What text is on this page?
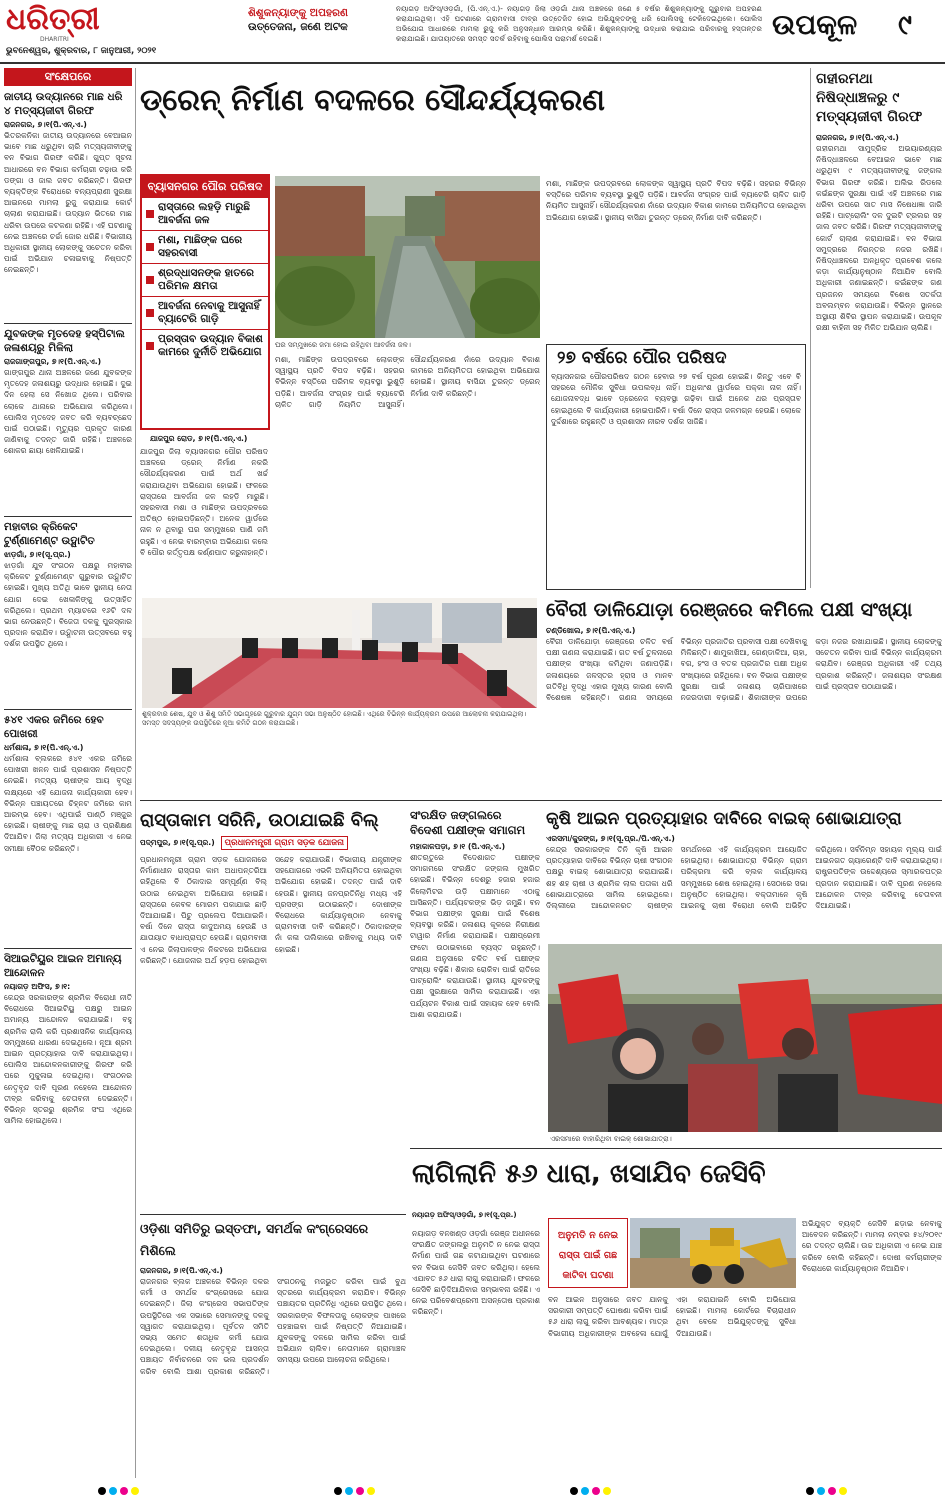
ଧରିତ୍ରୀ
DHARITRI
ଭୁବନେଶ୍ୱର, ଶୁକ୍ରବାର, ୮ ଜାନୁଆରୀ, ୨୦୨୧
ଶିଶୁକନ୍ୟାଙ୍କୁ ଅପହରଣ
ଉତ୍ତେଜନା, ଜଣେ ଅଟକ
ନୟାଗଡ଼ ଅଫିସ୍/ଓଡ଼ଗାଁ, (ପି.ଏନ୍.ଏ.)- ନୟାଗଡ଼ ଜିଲା ଓଡ଼ଗାଁ ଥାନା ଅଞ୍ଚଳରେ ଜଣେ ୫ ବର୍ଷର ଶିଶୁକନ୍ୟାଙ୍କୁ ଗୁରୁବାର ଅପହରଣ କରାଯାଇଥିଲା। ଏହି ଘଟଣାରେ ଗ୍ରାମବାସୀ ତୀବ୍ର ଉତ୍ତେଜିତ ହୋଇ ଅଭିଯୁକ୍ତଙ୍କୁ ଧରି ପୋଲିସକୁ ଟେକିଦେଇଥିଲେ। ପୋଲିସ ଅଭିଯୋଗ ଆଧାରରେ ମାମଲା ରୁଜୁ କରି ଅନୁସନ୍ଧାନ ଆରମ୍ଭ କରିଛି। ଶିଶୁକନ୍ୟାଙ୍କୁ ଉଦ୍ଧାର କରାଯାଇ ପରିବାରକୁ ହସ୍ତାନ୍ତର କରାଯାଇଛି। ଯାତାୟାତରେ ସମସ୍ତ ସତର୍କ ରହିବାକୁ ପୋଲିସ ପରାମର୍ଶ ଦେଇଛି।	ଉପକୂଳ	୯
ସଂକ୍ଷେପରେ
ଜାତୀୟ ଉଦ୍ୟାନରେ ମାଛ ଧରି ୪ ମତ୍ସ୍ୟଜୀବୀ ଗିରଫ
ରାଜନଗର, ୭।୧(ପି.ଏନ୍.ଏ.)
ଭିତରକନିକା ଜାତୀୟ ଉଦ୍ୟାନରେ ବେଆଇନ ଭାବେ ମାଛ ଧରୁଥିବା ଚାରି ମତ୍ସ୍ୟଜୀବୀଙ୍କୁ ବନ ବିଭାଗ ଗିରଫ କରିଛି। ଗୁପ୍ତ ସୂଚନା ଆଧାରରେ ବନ ବିଭାଗ କର୍ମଚାରୀ ଚଢ଼ାଉ କରି ଡଙ୍ଗା ଓ ଜାଲ ଜବତ କରିଛନ୍ତି। ଗିରଫ ବ୍ୟକ୍ତିଙ୍କ ବିରୋଧରେ ବନ୍ୟପ୍ରାଣୀ ସୁରକ୍ଷା ଆଇନରେ ମାମଲା ରୁଜୁ କରାଯାଇ କୋର୍ଟ ଚାଲାଣ କରାଯାଇଛି। ଉଦ୍ୟାନ ଭିତରେ ମାଛ ଧରିବା ଉପରେ କଟକଣା ରହିଛି। ଏହି ଘଟଣାକୁ ନେଇ ଅଞ୍ଚଳରେ ଚର୍ଚ୍ଚା ଜୋର ଧରିଛି। ବିଭାଗୀୟ ଅଧିକାରୀ ସ୍ଥାନୀୟ ଲୋକଙ୍କୁ ସଚେତନ କରିବା ପାଇଁ ଅଭିଯାନ ଚଳାଇବାକୁ ନିଷ୍ପତ୍ତି ନେଇଛନ୍ତି।
ଯୁବକଙ୍କ ମୃତଦେହ ହସ୍ପିଟାଲ ଜଳାଶୟରୁ ମିଳିଲା
ରାଜଗାଙ୍ଗପୁର, ୭।୧(ପି.ଏନ୍.ଏ.)
ଗାଙ୍ଗପୁର ଥାନା ଅଞ୍ଚଳରେ ଜଣେ ଯୁବକଙ୍କ ମୃତଦେହ ଜଳାଶୟରୁ ଉଦ୍ଧାର ହୋଇଛି। ଦୁଇ ଦିନ ହେଲା ସେ ନିଖୋଜ ଥିଲେ। ପରିବାର ଲୋକେ ଥାନାରେ ଅଭିଯୋଗ କରିଥିଲେ। ପୋଲିସ ମୃତଦେହ ଜବତ କରି ବ୍ୟବଚ୍ଛେଦ ପାଇଁ ପଠାଇଛି। ମୃତ୍ୟୁର ପ୍ରକୃତ କାରଣ ଜାଣିବାକୁ ତଦନ୍ତ ଜାରି ରହିଛି। ଅଞ୍ଚଳରେ ଶୋକର ଛାୟା ଖେଳିଯାଇଛି।
ମହାବୀର କ୍ରିକେଟ ଟୁର୍ଣ୍ଣାମେଣ୍ଟ ଉଦ୍ଘାଟିତ
ଝାଡ଼ଗାଁ, ୭।୧(ସୂ.ପ୍ର.)
ଝାଡ଼ଗାଁ ଯୁବ ସଂଗଠନ ପକ୍ଷରୁ ମହାବୀର କ୍ରିକେଟ ଟୁର୍ଣ୍ଣାମେଣ୍ଟ ଗୁରୁବାର ଉଦ୍ଘାଟିତ ହୋଇଛି। ମୁଖ୍ୟ ଅତିଥି ଭାବେ ସ୍ଥାନୀୟ ନେତା ଯୋଗ ଦେଇ ଖେଳାଳିଙ୍କୁ ଉତ୍ସାହିତ କରିଥିଲେ। ପ୍ରଥମ ମ୍ୟାଚରେ ୧୬ଟି ଦଳ ଭାଗ ନେଉଛନ୍ତି। ବିଜେତା ଦଳକୁ ପୁରସ୍କାର ପ୍ରଦାନ କରାଯିବ। ଉଦ୍ଘାଟନୀ ଉତ୍ସବରେ ବହୁ ଦର୍ଶକ ଉପସ୍ଥିତ ଥିଲେ।
୫୪୧ ଏକର ଜମିରେ ହେବ ପୋଖରୀ
ଧର୍ମଶାଳା, ୭।୧(ପି.ଏନ୍.ଏ.)
ଧର୍ମଶାଳା ବ୍ଲକରେ ୫୪୧ ଏକର ଜମିରେ ପୋଖରୀ ଖନନ ପାଇଁ ପ୍ରଶାସନ ନିଷ୍ପତ୍ତି ନେଇଛି। ମତ୍ସ୍ୟ ଚାଷୀଙ୍କ ଆୟ ବୃଦ୍ଧି ଲକ୍ଷ୍ୟରେ ଏହି ଯୋଜନା କାର୍ଯ୍ୟକାରୀ ହେବ। ବିଭିନ୍ନ ପଞ୍ଚାୟତରେ ଚିହ୍ନଟ ଜମିରେ କାମ ଆରମ୍ଭ ହେବ। ଏଥିପାଇଁ ପାଣ୍ଠି ମଞ୍ଜୁର ହୋଇଛି। ଚାଷୀଙ୍କୁ ମାଛ ଚାରା ଓ ପ୍ରଶିକ୍ଷଣ ଦିଆଯିବ। ଜିଲା ମତ୍ସ୍ୟ ଅଧିକାରୀ ଏ ନେଇ ସମୀକ୍ଷା ବୈଠକ କରିଛନ୍ତି।
ସିଆଇଟିୟୁର ଆଇନ ଅମାନ୍ୟ ଆନ୍ଦୋଳନ
ନୟାଗଡ଼ ଅଫିସ, ୭।୧:
କେନ୍ଦ୍ର ସରକାରଙ୍କ ଶ୍ରମିକ ବିରୋଧୀ ନୀତି ବିରୋଧରେ ସିଆଇଟିୟୁ ପକ୍ଷରୁ ଆଇନ ଅମାନ୍ୟ ଆନ୍ଦୋଳନ କରାଯାଇଛି। ବହୁ ଶ୍ରମିକ ରାଲି କରି ପ୍ରଶାସନିକ କାର୍ଯ୍ୟାଳୟ ସମ୍ମୁଖରେ ଧାରଣା ଦେଇଥିଲେ। ନୂଆ ଶ୍ରମ ଆଇନ ପ୍ରତ୍ୟାହାର ଦାବି କରାଯାଇଥିଲା। ପୋଲିସ ଆନ୍ଦୋଳନକାରୀଙ୍କୁ ଗିରଫ କରି ପରେ ମୁକୁଳାଇ ଦେଇଥିଲା। ସଂଗଠନର ନେତୃବୃନ୍ଦ ଦାବି ପୂରଣ ନହେଲେ ଆନ୍ଦୋଳନ ତୀବ୍ର କରିବାକୁ ଚେତାବନୀ ଦେଇଛନ୍ତି। ବିଭିନ୍ନ ସ୍ତରରୁ ଶ୍ରମିକ ସଂଘ ଏଥିରେ ସାମିଲ ହୋଇଥିଲେ।
ଡ୍ରେନ୍ ନିର୍ମାଣ ବଦଳରେ ସୌନ୍ଦର୍ଯ୍ୟକରଣ
ବ୍ୟାସନଗର ପୌର ପରିଷଦ
ରାସ୍ତାରେ ଲହଡ଼ି ମାରୁଛି ଆବର୍ଜନା ଜଳ
ମଶା, ମାଛିଙ୍କ ଘରେ ସହରବାସୀ
ଶ୍ରଦ୍ଧାସନଙ୍କ ହାତରେ ପରିମଳ କ୍ଷମତା
ଆବର୍ଜନା ନେବାକୁ ଆସୁନାହିଁ ବ୍ୟାଟେରି ଗାଡ଼ି
ପ୍ରସ୍ତାବ ଉଦ୍ୟାନ ବିକାଶ କାମରେ ଦୁର୍ନୀତି ଅଭିଯୋଗ
ଯାଜପୁର ରୋଡ, ୭।୧(ପି.ଏନ୍.ଏ.)
ଘର ସମ୍ମୁଖରେ ଜମା ହୋଇ ରହିଥିବା ଆବର୍ଜନା ଜଳ।
ଯାଜପୁର ଜିଲା ବ୍ୟାସନଗର ପୌର ପରିଷଦ ଅଞ୍ଚଳରେ ଡ୍ରେନ୍ ନିର୍ମାଣ ନକରି ସୌନ୍ଦର୍ଯ୍ୟକରଣ ପାଇଁ ଅର୍ଥ ଖର୍ଚ୍ଚ କରାଯାଉଥିବା ଅଭିଯୋଗ ହୋଇଛି। ଫଳରେ ରାସ୍ତାରେ ଆବର୍ଜନା ଜଳ ଲହଡ଼ି ମାରୁଛି। ସହରବାସୀ ମଶା ଓ ମାଛିଙ୍କ ଉପଦ୍ରବରେ ଅତିଷ୍ଠ ହୋଇପଡ଼ିଛନ୍ତି। ଅନେକ ୱାର୍ଡରେ ନାଳ ନ ଥିବାରୁ ଘର ସମ୍ମୁଖରେ ପାଣି ଜମି ରହୁଛି। ଏ ନେଇ ବାରମ୍ବାର ଅଭିଯୋଗ କଲେ ବି ପୌର କର୍ତ୍ତୃପକ୍ଷ କର୍ଣ୍ଣପାତ କରୁନାହାନ୍ତି।
ମଶା, ମାଛିଙ୍କ ଉପଦ୍ରବରେ ଲୋକଙ୍କ ସ୍ୱାସ୍ଥ୍ୟ ପ୍ରତି ବିପଦ ବଢ଼ିଛି। ସହରର ବିଭିନ୍ନ ବସ୍ତିରେ ପରିମଳ ବ୍ୟବସ୍ଥା ଭୁଶୁଡ଼ି ପଡ଼ିଛି। ଆବର୍ଜନା ସଂଗ୍ରହ ପାଇଁ ବ୍ୟାଟେରି ଚାଳିତ ଗାଡ଼ି ନିୟମିତ ଆସୁନାହିଁ। ସୌନ୍ଦର୍ଯ୍ୟକରଣ ନାଁରେ ଉଦ୍ୟାନ ବିକାଶ କାମରେ ଅନିୟମିତତା ହୋଇଥିବା ଅଭିଯୋଗ ହୋଇଛି। ସ୍ଥାନୀୟ ବାସିନ୍ଦା ତୁରନ୍ତ ଡ୍ରେନ୍ ନିର୍ମାଣ ଦାବି କରିଛନ୍ତି।
୨୭ ବର୍ଷରେ ପୌର ପରିଷଦ
ବ୍ୟାସନଗର ପୌରପରିଷଦ ଗଠନ ହେବାର ୨୭ ବର୍ଷ ପୂରଣ ହୋଇଛି। କିନ୍ତୁ ଏବେ ବି ସହରରେ ମୌଳିକ ସୁବିଧା ଉପଲବ୍ଧ ନାହିଁ। ଅଧିକାଂଶ ୱାର୍ଡରେ ପକ୍କା ନାଳ ନାହିଁ। ଯୋଜନାବଦ୍ଧ ଭାବେ ଡ୍ରେନେଜ ବ୍ୟବସ୍ଥା ଗଢ଼ିବା ପାଇଁ ଅନେକ ଥର ପ୍ରସ୍ତାବ ହୋଇଥିଲେ ବି କାର୍ଯ୍ୟକାରୀ ହୋଇପାରିନି। ବର୍ଷା ଦିନେ ରାସ୍ତା ଜଳମଗ୍ନ ହେଉଛି। ଲୋକେ ଦୁର୍ଦ୍ଦଶାରେ ରହୁଛନ୍ତି ଓ ପ୍ରଶାସନ ନୀରବ ଦର୍ଶକ ସାଜିଛି।
ମଶା, ମାଛିଙ୍କ ଉପଦ୍ରବରେ ଲୋକଙ୍କ ସ୍ୱାସ୍ଥ୍ୟ ପ୍ରତି ବିପଦ ବଢ଼ିଛି। ସହରର ବିଭିନ୍ନ ବସ୍ତିରେ ପରିମଳ ବ୍ୟବସ୍ଥା ଭୁଶୁଡ଼ି ପଡ଼ିଛି। ଆବର୍ଜନା ସଂଗ୍ରହ ପାଇଁ ବ୍ୟାଟେରି ଚାଳିତ ଗାଡ଼ି ନିୟମିତ ଆସୁନାହିଁ। ସୌନ୍ଦର୍ଯ୍ୟକରଣ ନାଁରେ ଉଦ୍ୟାନ ବିକାଶ କାମରେ ଅନିୟମିତତା ହୋଇଥିବା ଅଭିଯୋଗ ହୋଇଛି। ସ୍ଥାନୀୟ ବାସିନ୍ଦା ତୁରନ୍ତ ଡ୍ରେନ୍ ନିର୍ମାଣ ଦାବି କରିଛନ୍ତି।
ଗହୀରମଥା ନିଷିଦ୍ଧାଞ୍ଚଳରୁ ୯ ମତ୍ସ୍ୟଜୀବୀ ଗିରଫ
ରାଜନଗର, ୭।୧(ପି.ଏନ୍.ଏ.)
ଗହୀରମଥା ସାମୁଦ୍ରିକ ଅଭୟାରଣ୍ୟର ନିଷିଦ୍ଧାଞ୍ଚଳରେ ବେଆଇନ ଭାବେ ମାଛ ଧରୁଥିବା ୯ ମତ୍ସ୍ୟଜୀବୀଙ୍କୁ ଜଙ୍ଗଲ ବିଭାଗ ଗିରଫ କରିଛି। ଅଲିଭ ରିଡଲେ କଇଁଛଙ୍କ ସୁରକ୍ଷା ପାଇଁ ଏହି ଅଞ୍ଚଳରେ ମାଛ ଧରିବା ଉପରେ ସାତ ମାସ ନିଷେଧାଜ୍ଞା ଜାରି ରହିଛି। ପାଟ୍ରୋଲିଂ ଦଳ ଦୁଇଟି ଟ୍ରଲର ସହ ଜାଲ ଜବତ କରିଛି। ଗିରଫ ମତ୍ସ୍ୟଜୀବୀଙ୍କୁ କୋର୍ଟ ଚାଲାଣ କରାଯାଇଛି। ବନ ବିଭାଗ ସମୁଦ୍ରରେ ନିରନ୍ତର ନଜର ରଖିଛି। ନିଷିଦ୍ଧାଞ୍ଚଳରେ ଅନଧିକୃତ ପ୍ରବେଶ କଲେ କଡ଼ା କାର୍ଯ୍ୟାନୁଷ୍ଠାନ ନିଆଯିବ ବୋଲି ଅଧିକାରୀ ଜଣାଇଛନ୍ତି। କଇଁଛଙ୍କ ଗଣ ପ୍ରଜନନ ସମୟରେ ବିଶେଷ ସତର୍କତା ଅବଲମ୍ବନ କରାଯାଉଛି। ବିଭିନ୍ନ ସ୍ଥାନରେ ଅସ୍ଥାୟୀ ଶିବିର ସ୍ଥାପନ କରାଯାଇଛି। ଉପକୂଳ ରକ୍ଷୀ ବାହିନୀ ସହ ମିଳିତ ଅଭିଯାନ ଚାଲିଛି।
ଶୁକ୍ରବାର ଶେଷ, ଯୁବ ଓ ଶିଶୁ ସମିତି ସଭାଗୃହରେ ଗୁରୁବାର ଯୁଗ୍ମ ସଭା ଅନୁଷ୍ଠିତ ହୋଇଛି। ଏଥିରେ ବିଭିନ୍ନ କାର୍ଯ୍ୟକ୍ରମ ଉପରେ ଆଲୋଚନା କରାଯାଇଥିଲା। ସମସ୍ତ ସଦସ୍ୟଙ୍କ ଉପସ୍ଥିତିରେ ନୂଆ କମିଟି ଗଠନ କରାଯାଇଛି।
ବୈରୀ ଡାଳିଯୋଡ଼ା ରେଞ୍ଜରେ କମିଲେ ପକ୍ଷୀ ସଂଖ୍ୟା
ଚଣ୍ଡିଖୋଲ, ୭।୧(ପି.ଏନ୍.ଏ.)
ବୈରୀ ଡାଳିଯୋଡ଼ା ରେଞ୍ଜରେ ଚଳିତ ବର୍ଷ ପକ୍ଷୀ ଗଣନା କରାଯାଇଛି। ଗତ ବର୍ଷ ତୁଳନାରେ ପକ୍ଷୀଙ୍କ ସଂଖ୍ୟା କମିଥିବା ଜଣାପଡ଼ିଛି। ଜଳାଶୟରେ ଜଳସ୍ତର ହ୍ରାସ ଓ ମାନବ ଗତିବିଧି ବୃଦ୍ଧି ଏହାର ମୁଖ୍ୟ କାରଣ ବୋଲି ବିଶେଷଜ୍ଞ କହିଛନ୍ତି। ଗଣନା ସମୟରେ ବିଭିନ୍ନ ପ୍ରଜାତିର ପ୍ରବାସୀ ପକ୍ଷୀ ଦେଖିବାକୁ ମିଳିଛନ୍ତି। ଶାମୁକାଖିଆ, ଗେଣ୍ଡାଳିଆ, ଚାହା, ବଗ, ହଂସ ଓ ବତକ ପ୍ରଜାତିର ପକ୍ଷୀ ଅଧିକ ସଂଖ୍ୟାରେ ରହିଥିଲେ। ବନ ବିଭାଗ ପକ୍ଷୀଙ୍କ ସୁରକ୍ଷା ପାଇଁ ଜଳାଶୟ ଚାରିପାଖରେ ନଜରଦାରୀ ବଢ଼ାଇଛି। ଶିକାରୀଙ୍କ ଉପରେ କଡ଼ା ନଜର ରଖାଯାଇଛି। ସ୍ଥାନୀୟ ଲୋକଙ୍କୁ ସଚେତନ କରିବା ପାଇଁ ବିଭିନ୍ନ କାର୍ଯ୍ୟକ୍ରମ କରାଯିବ। ରେଞ୍ଜର ଅଧିକାରୀ ଏହି ତଥ୍ୟ ପ୍ରକାଶ କରିଛନ୍ତି। ଜଳାଶୟର ସଂରକ୍ଷଣ ପାଇଁ ପ୍ରସ୍ତାବ ପଠାଯାଇଛି।
ରାସ୍ତାକାମ ସରିନି, ଉଠାଯାଇଛି ବିଲ୍
ପଦ୍ମପୁର, ୭।୧(ସୂ.ପ୍ର.)	ପ୍ରଧାନମନ୍ତ୍ରୀ ଗ୍ରାମ ସଡ଼କ ଯୋଜନା
ପ୍ରଧାନମନ୍ତ୍ରୀ ଗ୍ରାମ ସଡ଼କ ଯୋଜନାରେ ନିର୍ମାଣାଧୀନ ରାସ୍ତାର କାମ ଅଧାପନ୍ତରିଆ ରହିଥିଲେ ବି ଠିକାଦାର ସମ୍ପୂର୍ଣ୍ଣ ବିଲ୍ ଉଠାଇ ନେଇଥିବା ଅଭିଯୋଗ ହୋଇଛି। ରାସ୍ତାରେ କେବଳ ମୋରମ ପକାଯାଇ ଛାଡ଼ି ଦିଆଯାଇଛି। ପିଚୁ ପ୍ରଲେପ ଦିଆଯାଇନି। ବର୍ଷା ଦିନେ ରାସ୍ତା କାଦୁଅମୟ ହେଉଛି ଓ ଯାତାୟାତ ବାଧାପ୍ରାପ୍ତ ହେଉଛି। ଗ୍ରାମବାସୀ ଏ ନେଇ ଜିଲାପାଳଙ୍କ ନିକଟରେ ଅଭିଯୋଗ କରିଛନ୍ତି। ଯୋଜନାର ଅର୍ଥ ହଡ଼ପ ହୋଇଥିବା ସନ୍ଦେହ କରାଯାଉଛି। ବିଭାଗୀୟ ଯନ୍ତ୍ରୀଙ୍କ ସହଯୋଗରେ ଏଭଳି ଅନିୟମିତତା ହୋଇଥିବା ଅଭିଯୋଗ ହୋଇଛି। ତଦନ୍ତ ପାଇଁ ଦାବି ହେଉଛି। ସ୍ଥାନୀୟ ଜନପ୍ରତିନିଧି ମଧ୍ୟ ଏହି ପ୍ରସଙ୍ଗ ଉଠାଇଛନ୍ତି। ଦୋଷୀଙ୍କ ବିରୋଧରେ କାର୍ଯ୍ୟାନୁଷ୍ଠାନ ନେବାକୁ ଗ୍ରାମବାସୀ ଦାବି କରିଛନ୍ତି। ଠିକାଦାରଙ୍କ ନାଁ କଳା ତାଲିକାରେ ରଖିବାକୁ ମଧ୍ୟ ଦାବି ହୋଇଛି।
ସଂରକ୍ଷିତ ଜଙ୍ଗଲରେ
ବିଦେଶୀ ପକ୍ଷୀଙ୍କ ସମାଗମ
ମହାକାଳପଡ଼ା, ୭।୧ (ପି.ଏନ୍.ଏ.)
ଶୀତଋତୁରେ ବିଦେଶାଗତ ପକ୍ଷୀଙ୍କ ସମାଗମରେ ସଂରକ୍ଷିତ ଜଙ୍ଗଲ ମୁଖରିତ ହୋଇଛି। ବିଭିନ୍ନ ଦେଶରୁ ହଜାର ହଜାର କିଲୋମିଟର ଉଡ଼ି ପକ୍ଷୀମାନେ ଏଠାକୁ ଆସିଛନ୍ତି। ପର୍ଯ୍ୟଟକଙ୍କ ଭିଡ଼ ଜମୁଛି। ବନ ବିଭାଗ ପକ୍ଷୀଙ୍କ ସୁରକ୍ଷା ପାଇଁ ବିଶେଷ ବ୍ୟବସ୍ଥା କରିଛି। ଜଳାଶୟ କୂଳରେ ନିରୀକ୍ଷଣ ଟାୱାର ନିର୍ମାଣ କରାଯାଇଛି। ପକ୍ଷୀପ୍ରେମୀ ଫଟୋ ଉଠାଇବାରେ ବ୍ୟସ୍ତ ରହୁଛନ୍ତି। ଗଣନା ଅନୁସାରେ ଚଳିତ ବର୍ଷ ପକ୍ଷୀଙ୍କ ସଂଖ୍ୟା ବଢ଼ିଛି। ଶିକାର ରୋକିବା ପାଇଁ ରାତିରେ ପାଟ୍ରୋଲିଂ କରାଯାଉଛି। ସ୍ଥାନୀୟ ଯୁବକଙ୍କୁ ପକ୍ଷୀ ସୁରକ୍ଷାରେ ସାମିଲ କରାଯାଇଛି। ଏହା ପର୍ଯ୍ୟଟନ ବିକାଶ ପାଇଁ ସହାୟକ ହେବ ବୋଲି ଆଶା କରାଯାଉଛି।
କୃଷି ଆଇନ ପ୍ରତ୍ୟାହାର ଦାବିରେ ବାଇକ୍ ଶୋଭାଯାତ୍ରା
ଏରସମା/କୁଜଙ୍ଗ, ୭।୧(ସୂ.ପ୍ର./ପି.ଏନ୍.ଏ.)
କେନ୍ଦ୍ର ସରକାରଙ୍କ ତିନି କୃଷି ଆଇନ ପ୍ରତ୍ୟାହାର ଦାବିରେ ବିଭିନ୍ନ ଚାଷୀ ସଂଗଠନ ପକ୍ଷରୁ ବାଇକ୍ ଶୋଭାଯାତ୍ରା କରାଯାଇଛି। ଶହ ଶହ ଚାଷୀ ଓ ଶ୍ରମିକ ଲାଲ ପତାକା ଧରି ଶୋଭାଯାତ୍ରାରେ ସାମିଲ ହୋଇଥିଲେ। ଦିଲ୍ଲୀରେ ଆନ୍ଦୋଳନରତ ଚାଷୀଙ୍କ ସମର୍ଥନରେ ଏହି କାର୍ଯ୍ୟକ୍ରମ ଆୟୋଜିତ ହୋଇଥିଲା। ଶୋଭାଯାତ୍ରା ବିଭିନ୍ନ ଗ୍ରାମ ପରିକ୍ରମା କରି ବ୍ଲକ କାର୍ଯ୍ୟାଳୟ ସମ୍ମୁଖରେ ଶେଷ ହୋଇଥିଲା। ସେଠାରେ ସଭା ଅନୁଷ୍ଠିତ ହୋଇଥିଲା। ବକ୍ତାମାନେ କୃଷି ଆଇନକୁ ଚାଷୀ ବିରୋଧୀ ବୋଲି ଅଭିହିତ କରିଥିଲେ। ସର୍ବନିମ୍ନ ସହାୟକ ମୂଲ୍ୟ ପାଇଁ ଆଇନଗତ ଗ୍ୟାରେଣ୍ଟି ଦାବି କରାଯାଇଥିଲା। ରାଷ୍ଟ୍ରପତିଙ୍କ ଉଦ୍ଦେଶ୍ୟରେ ସ୍ମାରକପତ୍ର ପ୍ରଦାନ କରାଯାଇଛି। ଦାବି ପୂରଣ ନହେଲେ ଆନ୍ଦୋଳନ ତୀବ୍ର କରିବାକୁ ଚେତାବନୀ ଦିଆଯାଇଛି।
ଏରସମାରେ ବାହାରିଥିବା ବାଇକ୍ ଶୋଭାଯାତ୍ରା।
ଲାଗିଲାନି ୫୬ ଧାରା, ଖସାଯିବ ଜେସିବି
ନୟାଗଡ଼ ଅଫିସ୍/ଓଡ଼ଗାଁ, ୭।୧(ସୂ.ପ୍ର.)
ନୟାଗଡ଼ ବନଖଣ୍ଡ ଓଡ଼ଗାଁ ରେଞ୍ଜ ଅଧୀନରେ ସଂରକ୍ଷିତ ଜଙ୍ଗଲରୁ ଅନୁମତି ନ ନେଇ ରାସ୍ତା ନିର୍ମାଣ ପାଇଁ ଗଛ କଟାଯାଇଥିବା ଘଟଣାରେ ବନ ବିଭାଗ ଜେସିବି ଜବତ କରିଥିଲା। ହେଲେ ଏଯାବତ ୫୬ ଧାରା ଲାଗୁ କରାଯାଇନି। ଫଳରେ ଜେସିବି ଛାଡ଼ିଦିଆଯିବାର ସମ୍ଭାବନା ରହିଛି। ଏ ନେଇ ପରିବେଶପ୍ରେମୀ ଅସନ୍ତୋଷ ପ୍ରକାଶ କରିଛନ୍ତି।
ଅନୁମତି ନ ନେଇ ରାସ୍ତା ପାଇଁ ଗଛ କାଟିବା ଘଟଣା
ବନ ଆଇନ ଅନୁସାରେ ଜବତ ଯାନକୁ ସରକାରୀ ସମ୍ପତ୍ତି ଘୋଷଣା କରିବା ପାଇଁ ୫୬ ଧାରା ଲାଗୁ କରିବା ଆବଶ୍ୟକ। ମାତ୍ର ବିଭାଗୀୟ ଅଧିକାରୀଙ୍କ ଅବହେଳା ଯୋଗୁଁ ଏହା କରାଯାଇନି ବୋଲି ଅଭିଯୋଗ ହୋଇଛି। ମାମଲା କୋର୍ଟରେ ବିଚାରାଧୀନ ଥିବା ବେଳେ ଅଭିଯୁକ୍ତଙ୍କୁ ସୁବିଧା ଦିଆଯାଉଛି।
ଅଭିଯୁକ୍ତ ବ୍ୟକ୍ତି ଜେସିବି ଛଡ଼ାଇ ନେବାକୁ ଆବେଦନ କରିଛନ୍ତି। ମାମଲା ନମ୍ବର ୫୪/୨୦୧୯ ରେ ତଦନ୍ତ ଚାଲିଛି। ଉଚ୍ଚ ଅଧିକାରୀ ଏ ନେଇ ଯାଞ୍ଚ କରିବେ ବୋଲି କହିଛନ୍ତି। ଦୋଷୀ କର୍ମଚାରୀଙ୍କ ବିରୋଧରେ କାର୍ଯ୍ୟାନୁଷ୍ଠାନ ନିଆଯିବ।
ଓଡ଼ିଶା ସମିତିରୁ ଇସ୍ତଫା, ସମର୍ଥକ କଂଗ୍ରେସରେ ମିଶିଲେ
ରାଜନଗର, ୭।୧(ପି.ଏନ୍.ଏ.)
ରାଜନଗର ବ୍ଲକ ଅଞ୍ଚଳରେ ବିଭିନ୍ନ ଦଳର କର୍ମୀ ଓ ସମର୍ଥକ କଂଗ୍ରେସରେ ଯୋଗ ଦେଇଛନ୍ତି। ଜିଲା କଂଗ୍ରେସ ସଭାପତିଙ୍କ ଉପସ୍ଥିତିରେ ଏକ ସଭାରେ ସେମାନଙ୍କୁ ଦଳକୁ ସ୍ୱାଗତ କରାଯାଇଥିଲା। ପୂର୍ବତନ ସମିତି ସଭ୍ୟ ସମେତ ଶତାଧିକ କର୍ମୀ ଯୋଗ ଦେଇଥିଲେ। ଦଳୀୟ ନେତୃବୃନ୍ଦ ଆସନ୍ତା ପଞ୍ଚାୟତ ନିର୍ବାଚନରେ ଦଳ ଭଲ ପ୍ରଦର୍ଶନ କରିବ ବୋଲି ଆଶା ପ୍ରକାଶ କରିଛନ୍ତି। ସଂଗଠନକୁ ମଜଭୁତ କରିବା ପାଇଁ ବୁଥ ସ୍ତରରେ କାର୍ଯ୍ୟକ୍ରମ କରାଯିବ। ବିଭିନ୍ନ ପଞ୍ଚାୟତର ପ୍ରତିନିଧି ଏଥିରେ ଉପସ୍ଥିତ ଥିଲେ। ସରକାରଙ୍କ ବିଫଳତାକୁ ଲୋକଙ୍କ ପାଖରେ ପହଞ୍ଚାଇବା ପାଇଁ ନିଷ୍ପତ୍ତି ନିଆଯାଇଛି। ଯୁବକଙ୍କୁ ଦଳରେ ସାମିଲ କରିବା ପାଇଁ ଅଭିଯାନ ଚାଲିବ। ନେତାମାନେ ଗ୍ରାମାଞ୍ଚଳ ସମସ୍ୟା ଉପରେ ଆଲୋଚନା କରିଥିଲେ।
